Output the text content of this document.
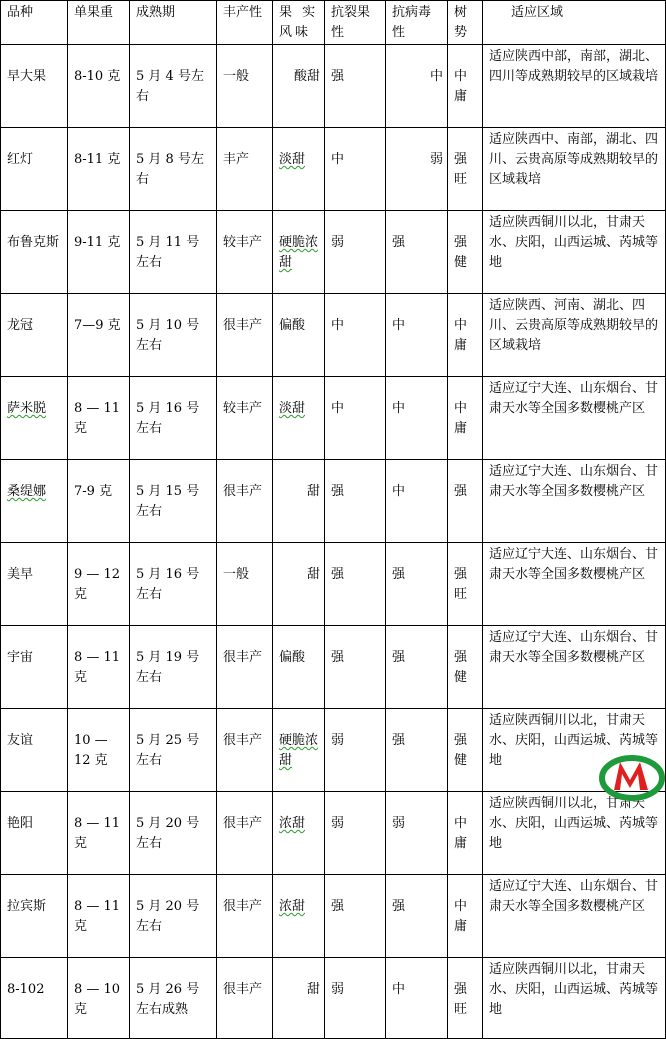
品种	单果重	成熟期	丰产性	果 实 风味	抗裂果性	抗病毒性	树 势	适应区域
早大果	8-10 克	5 月 4 号左右	一般	酸甜	强	中	中庸	适应陕西中部，南部，湖北、四川等成熟期较早的区域栽培
红灯	8-11 克	5 月 8 号左右	丰产	淡甜	中	弱	强旺	适应陕西中、南部，湖北、四川、云贵高原等成熟期较早的区域栽培
布鲁克斯	9-11 克	5 月 11 号左右	较丰产	硬脆浓甜	弱	强	强健	适应陕西铜川以北，甘肃天水、庆阳，山西运城、芮城等地
龙冠	7—9 克	5 月 10 号左右	很丰产	偏酸	中	中	中庸	适应陕西、河南、湖北、四川、云贵高原等成熟期较早的区域栽培
萨米脱	8 — 11 克	5 月 16 号左右	较丰产	淡甜	中	中	中庸	适应辽宁大连、山东烟台、甘肃天水等全国多数樱桃产区
桑缇娜	7-9 克	5 月 15 号左右	很丰产	甜	强	中	强	适应辽宁大连、山东烟台、甘肃天水等全国多数樱桃产区
美早	9 — 12 克	5 月 16 号左右	一般	甜	强	强	强旺	适应辽宁大连、山东烟台、甘肃天水等全国多数樱桃产区
宇宙	8 — 11 克	5 月 19 号左右	很丰产	偏酸	强	强	强健	适应辽宁大连、山东烟台、甘肃天水等全国多数樱桃产区
友谊	10 — 12 克	5 月 25 号左右	很丰产	硬脆浓甜	弱	强	强健	适应陕西铜川以北，甘肃天水、庆阳，山西运城、芮城等地
艳阳	8 — 11 克	5 月 20 号左右	很丰产	浓甜	弱	弱	中庸	适应陕西铜川以北，甘肃天水、庆阳，山西运城、芮城等地
拉宾斯	8 — 11 克	5 月 20 号左右	很丰产	浓甜	强	强	中庸	适应辽宁大连、山东烟台、甘肃天水等全国多数樱桃产区
8-102	8 — 10 克	5 月 26 号左右成熟	很丰产	甜	弱	中	强旺	适应陕西铜川以北，甘肃天水、庆阳，山西运城、芮城等地
